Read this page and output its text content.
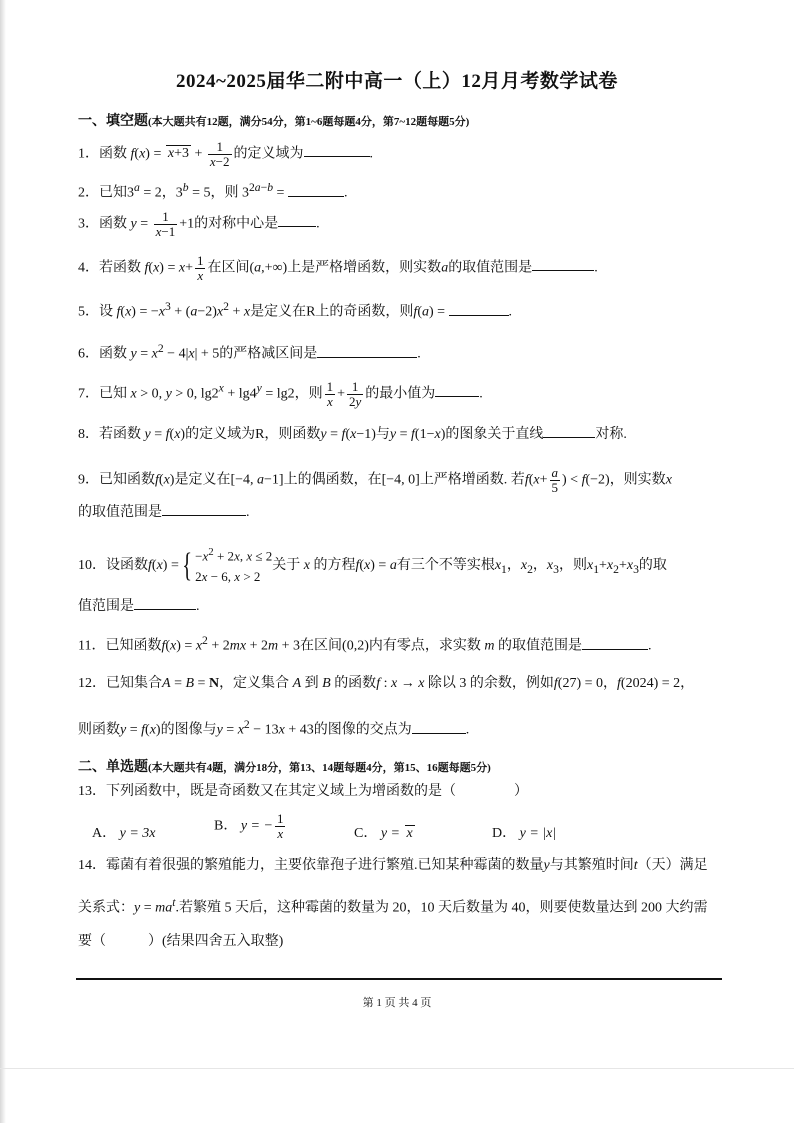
2024~2025届华二附中高一（上）12月月考数学试卷
一、填空题(本大题共有12题，满分54分，第1~6题每题4分，第7~12题每题5分)
1．函数 $f(x) = x+3 + \frac{1}{x-2}$ 的定义域为	.
2．已知$3^a = 2$，$3^b = 5$，则 $3^{2a-b}$ =	.
3．函数 $y = \frac{1}{x-1} +1$的对称中心是	.
4．若函数 $f(x) = x+ \frac{1}{x}$ 在区间(a,+∞)上是严格增函数，则实数a的取值范围是	.
5．设 $f(x) = -x^3 + (a-2)x^2 + x$是定义在R上的奇函数，则f(a) =	.
6．函数 $y = x^2 - 4|x| + 5$的严格减区间是	.
7．已知 x > 0, y > 0, $\lg 2^x + \lg 4^y = \lg 2$，则 $\frac{1}{x} + \frac{1}{2y}$ 的最小值为	.
8．若函数 y = f(x)的定义域为R，则函数y = f(x−1)与y = f(1−x)的图象关于直线	对称.
9．已知函数f(x)是定义在[−4, a−1]上的偶函数，在[−4, 0]上严格增函数. 若$f(x+ \frac{a}{5}$ ) < f(−2)，则实数x
的取值范围是	.
10．设函数f(x) ={ $-x^2 + 2x$, x ≤ 2
2x − 6, x > 2关于 x 的方程f(x) = a有三个不等实根$x_1$，$x_2$，$x_3$，则$x_1+x_2+x_3$的取
值范围是	.
11．已知函数$f(x) = x^2 + 2mx + 2m + 3$在区间(0,2)内有零点，求实数 m 的取值范围是	.
12．已知集合A = B = N，定义集合 A 到 B 的函数f : x → x 除以 3 的余数，例如f(27) = 0，f(2024) = 2，
则函数y = f(x)的图像与$y = x^2 - 13x + 43$的图像的交点为	.
二、单选题(本大题共有4题，满分18分，第13、14题每题4分，第15、16题每题5分)
13．下列函数中，既是奇函数又在其定义域上为增函数的是（	）
A． y = 3x
B． y = − $\frac{1}{x}$	C． y = x	D． y = |x|
14．霉菌有着很强的繁殖能力，主要依靠孢子进行繁殖.已知某种霉菌的数量y与其繁殖时间t（天）满足
关系式：$y = ma^t$.若繁殖 5 天后，这种霉菌的数量为 20，10 天后数量为 40，则要使数量达到 200 大约需
要（	）(结果四舍五入取整)
第 1 页 共 4 页
